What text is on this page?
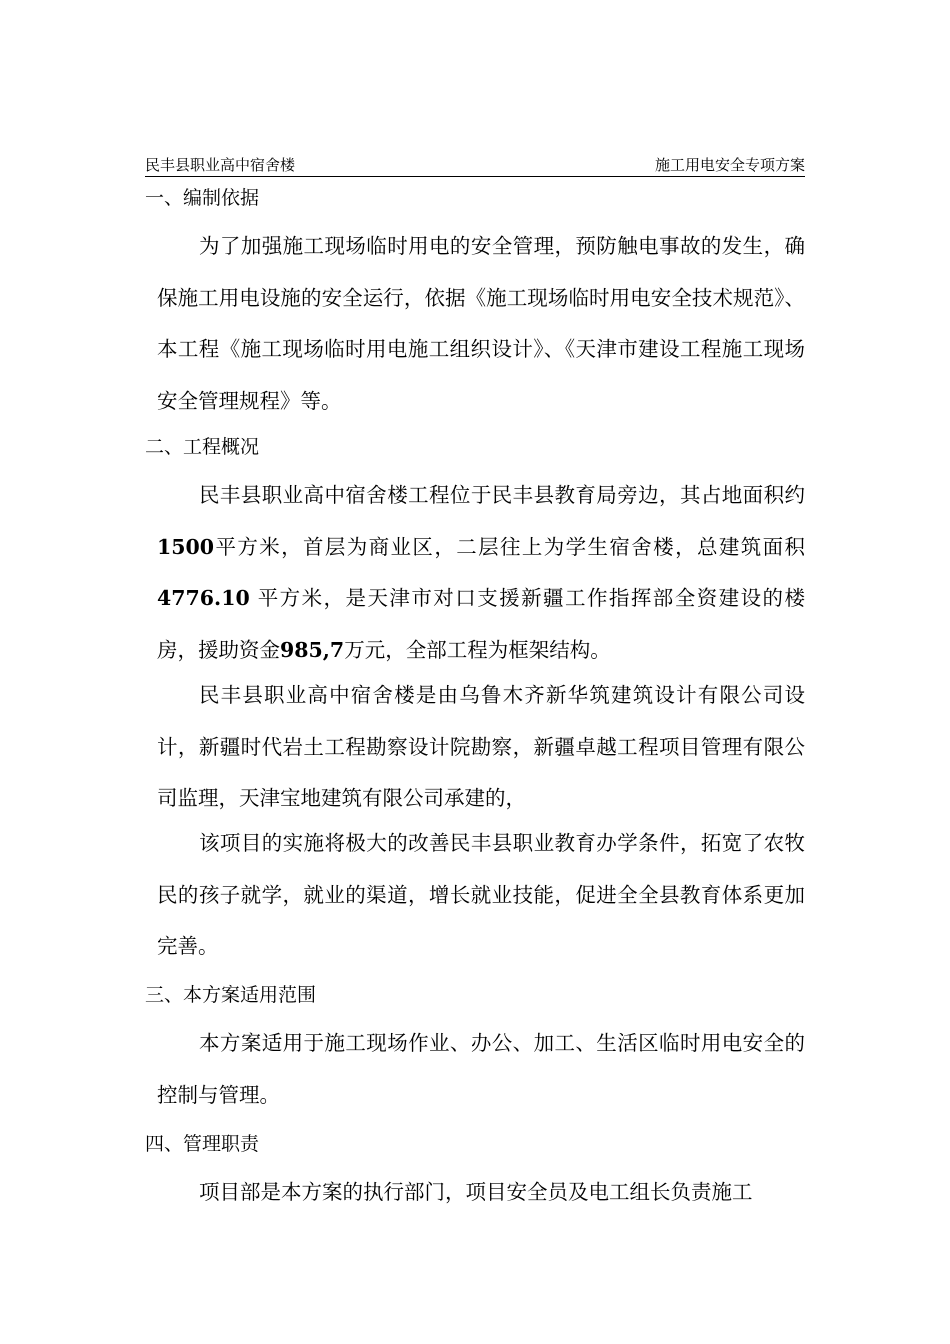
民丰县职业高中宿舍楼	施工用电安全专项方案
一、编制依据

为了加强施工现场临时用电的安全管理，预防触电事故的发生，确保施工用电设施的安全运行，依据《施工现场临时用电安全技术规范》、本工程《施工现场临时用电施工组织设计》、《天津市建设工程施工现场安全管理规程》等。

二、工程概况

民丰县职业高中宿舍楼工程位于民丰县教育局旁边，其占地面积约1500平方米，首层为商业区，二层往上为学生宿舍楼，总建筑面积 4776.10 平方米，是天津市对口支援新疆工作指挥部全资建设的楼房，援助资金985,7万元，全部工程为框架结构。

民丰县职业高中宿舍楼是由乌鲁木齐新华筑建筑设计有限公司设计，新疆时代岩土工程勘察设计院勘察，新疆卓越工程项目管理有限公司监理，天津宝地建筑有限公司承建的，

该项目的实施将极大的改善民丰县职业教育办学条件，拓宽了农牧民的孩子就学，就业的渠道，增长就业技能，促进全全县教育体系更加完善。

三、本方案适用范围

本方案适用于施工现场作业、办公、加工、生活区临时用电安全的控制与管理。

四、管理职责

项目部是本方案的执行部门，项目安全员及电工组长负责施工
